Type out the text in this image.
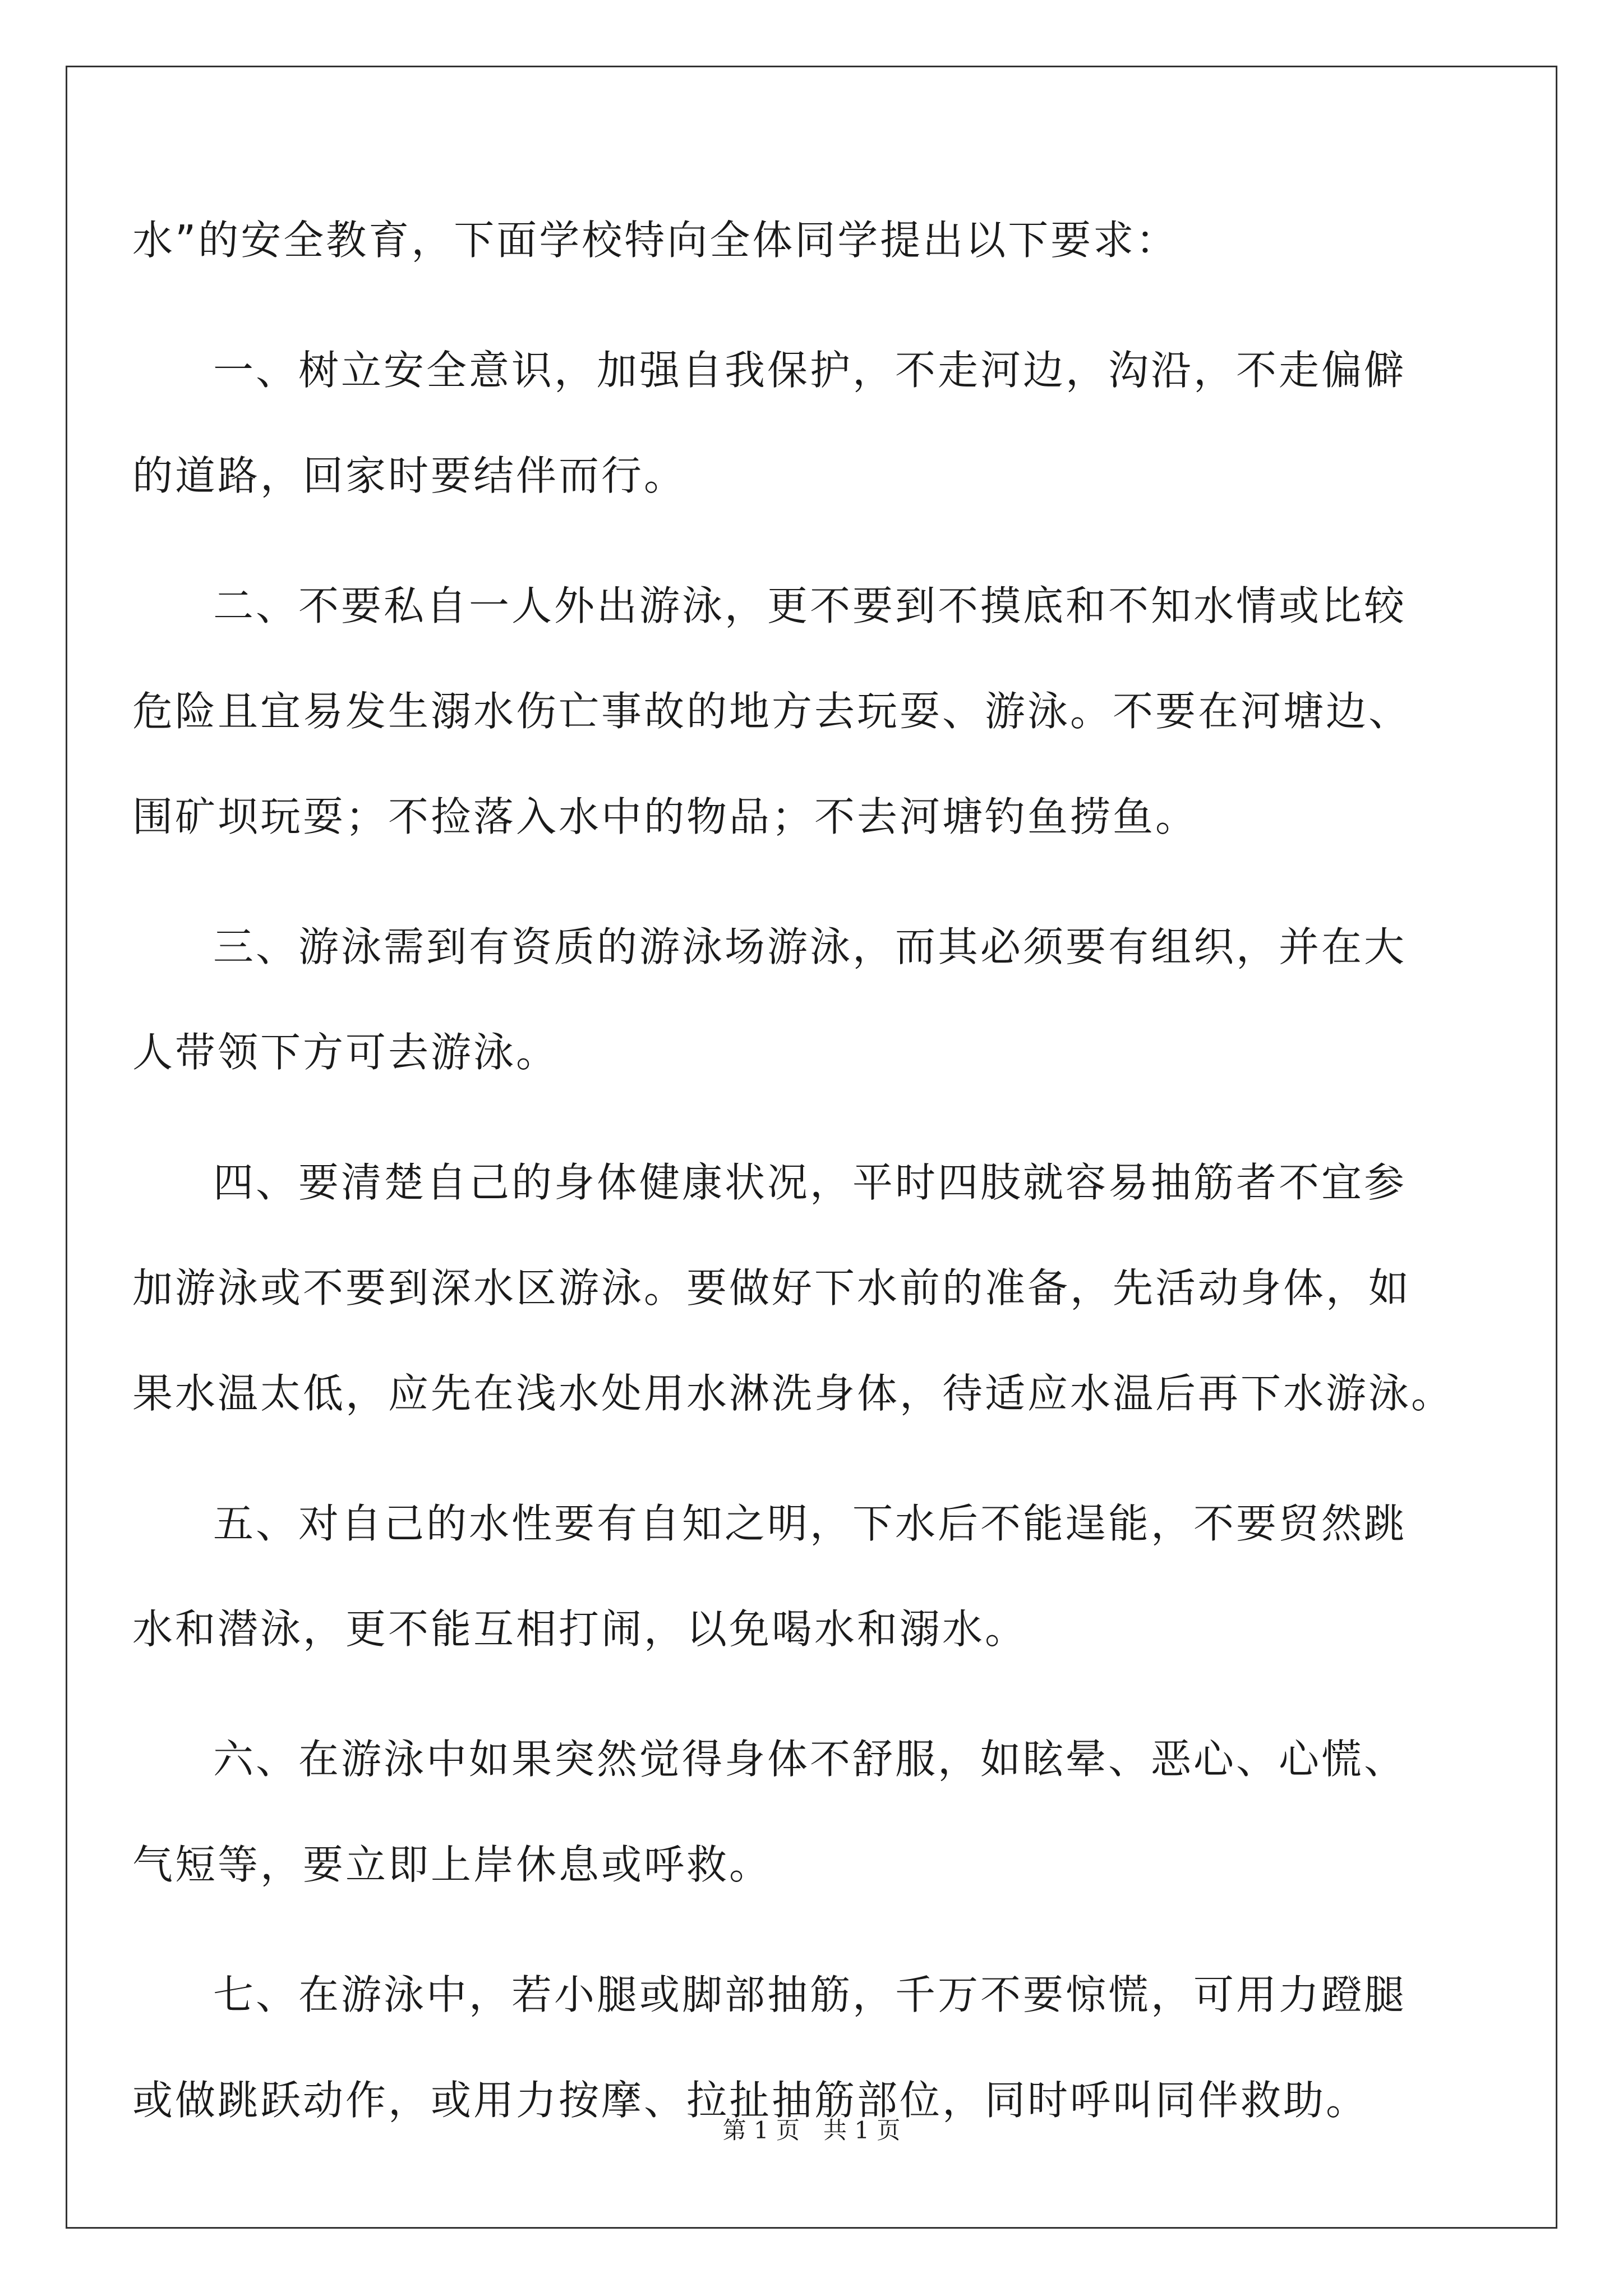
水”的安全教育，下面学校特向全体同学提出以下要求：
一、树立安全意识，加强自我保护，不走河边，沟沿，不走偏僻
的道路，回家时要结伴而行。
二、不要私自一人外出游泳，更不要到不摸底和不知水情或比较
危险且宜易发生溺水伤亡事故的地方去玩耍、游泳。不要在河塘边、
围矿坝玩耍；不捡落入水中的物品；不去河塘钓鱼捞鱼。
三、游泳需到有资质的游泳场游泳，而其必须要有组织，并在大
人带领下方可去游泳。
四、要清楚自己的身体健康状况，平时四肢就容易抽筋者不宜参
加游泳或不要到深水区游泳。要做好下水前的准备，先活动身体，如
果水温太低，应先在浅水处用水淋洗身体，待适应水温后再下水游泳。
五、对自己的水性要有自知之明，下水后不能逞能，不要贸然跳
水和潜泳，更不能互相打闹，以免喝水和溺水。
六、在游泳中如果突然觉得身体不舒服，如眩晕、恶心、心慌、
气短等，要立即上岸休息或呼救。
七、在游泳中，若小腿或脚部抽筋，千万不要惊慌，可用力蹬腿
或做跳跃动作，或用力按摩、拉扯抽筋部位，同时呼叫同伴救助。
第 1 页　共 1 页
